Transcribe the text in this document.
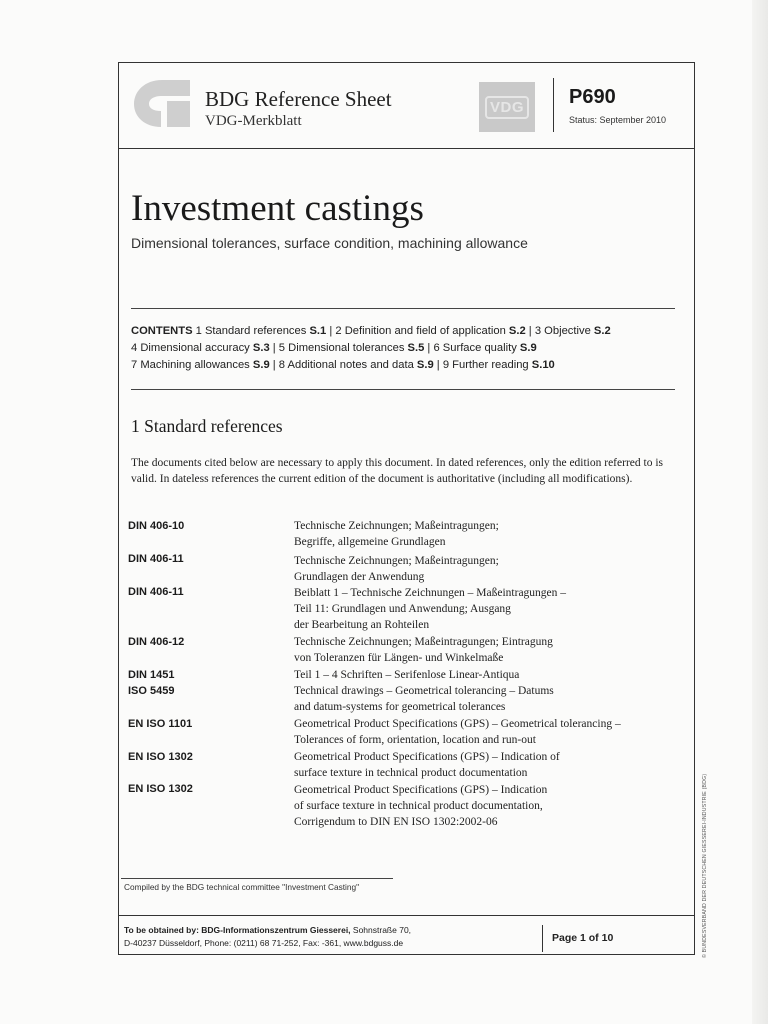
BDG Reference Sheet
VDG-Merkblatt
VDG P690
Status: September 2010
Investment castings
Dimensional tolerances, surface condition, machining allowance
CONTENTS 1 Standard references S.1 | 2 Definition and field of application S.2 | 3 Objective S.2
4 Dimensional accuracy S.3 | 5 Dimensional tolerances S.5 | 6 Surface quality S.9
7 Machining allowances S.9 | 8 Additional notes and data S.9 | 9 Further reading S.10
1 Standard references
The documents cited below are necessary to apply this document. In dated references, only the edition referred to is valid. In dateless references the current edition of the document is authoritative (including all modifications).
DIN 406-10	Technische Zeichnungen; Maßeintragungen;
Begriffe, allgemeine Grundlagen
DIN 406-11	Technische Zeichnungen; Maßeintragungen;
Grundlagen der Anwendung
DIN 406-11	Beiblatt 1 – Technische Zeichnungen – Maßeintragungen –
Teil 11: Grundlagen und Anwendung; Ausgang
der Bearbeitung an Rohteilen
DIN 406-12	Technische Zeichnungen; Maßeintragungen; Eintragung
von Toleranzen für Längen- und Winkelmaße
DIN 1451	Teil 1 – 4 Schriften – Serifenlose Linear-Antiqua
ISO 5459	Technical drawings – Geometrical tolerancing – Datums
and datum-systems for geometrical tolerances
EN ISO 1101	Geometrical Product Specifications (GPS) – Geometrical tolerancing –
Tolerances of form, orientation, location and run-out
EN ISO 1302	Geometrical Product Specifications (GPS) – Indication of
surface texture in technical product documentation
EN ISO 1302	Geometrical Product Specifications (GPS) – Indication
of surface texture in technical product documentation,
Corrigendum to DIN EN ISO 1302:2002-06
Compiled by the BDG technical committee "Investment Casting"
To be obtained by: BDG-Informationszentrum Giesserei, Sohnstraße 70,
D-40237 Düsseldorf, Phone: (0211) 68 71-252, Fax: -361, www.bdguss.de	Page 1 of 10	© BUNDESVERBAND DER DEUTSCHEN GIESSEREI-INDUSTRIE (BDG)
